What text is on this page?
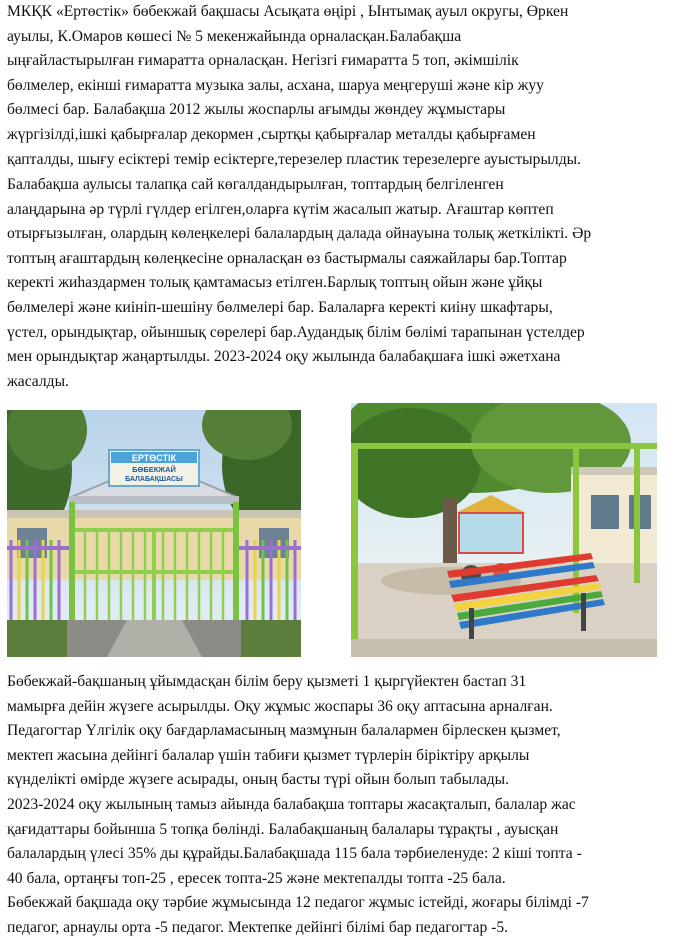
МКҚК «Ертөстік» бөбекжай бақшасы Асықата өңірі , Ынтымақ ауыл округы, Өркен
ауылы, К.Омаров көшесі № 5 мекенжайында орналасқан.Балабақша
ыңғайластырылған ғимаратта орналасқан. Негізгі ғимаратта 5 топ, әкімшілік
бөлмелер, екінші ғимаратта музыка залы, асхана, шаруа меңгеруші және кір жуу
бөлмесі бар. Балабақша 2012 жылы жоспарлы ағымды жөндеу жұмыстары
жүргізілді,ішкі қабырғалар декормен ,сыртқы қабырғалар металды қабырғамен
қапталды, шығу есіктері темір есіктерге,терезелер пластик терезелерге ауыстырылды.
Балабақша аулысы талапқа сай көгалдандырылған, топтардың белгіленген
алаңдарына әр түрлі гүлдер егілген,оларға күтім жасалып жатыр. Ағаштар көптеп
отырғызылған, олардың көлеңкелері балалардың далада ойнауына толық жеткілікті. Әр
топтың ағаштардың көлеңкесіне орналасқан өз бастырмалы саяжайлары бар.Топтар
керекті жиһаздармен толық қамтамасыз етілген.Барлық топтың ойын және ұйқы
бөлмелері және киініп-шешіну бөлмелері бар. Балаларға керекті киіну шкафтары,
үстел, орындықтар, ойыншық сөрелері бар.Аудандық білім бөлімі тарапынан үстелдер
мен орындықтар жаңартылды. 2023-2024 оқу жылында балабақшаға ішкі әжетхана
жасалды.
ЕРТӨСТІК
БӨБЕКЖАЙ
БАЛАБАҚШАСЫ
Бөбекжай-бақшаның ұйымдасқан білім беру қызметі 1 қыргүйектен бастап 31
мамырға дейін жүзеге асырылды. Оқу жұмыс жоспары 36 оқу аптасына арналған.
Педагогтар Үлгілік оқу бағдарламасының мазмұнын балалармен бірлескен қызмет,
мектеп жасына дейінгі балалар үшін табиғи қызмет түрлерін біріктіру арқылы
күнделікті өмірде жүзеге асырады, оның басты түрі ойын болып табылады.
2023-2024 оқу жылының тамыз айында балабақша топтары жасақталып, балалар жас
қағидаттары бойынша 5 топқа бөлінді. Балабақшаның балалары тұрақты , ауысқан
балалардың үлесі 35% ды құрайды.Балабақшада 115 бала тәрбиеленуде: 2 кіші топта -
40 бала, ортаңғы топ-25 , ересек топта-25 және мектепалды топта -25 бала.
Бөбекжай бақшада оқу тәрбие жұмысында 12 педагог жұмыс істейді, жоғары білімді -7
педагог, арнаулы орта -5 педагог. Мектепке дейінгі білімі бар педагогтар -5.
